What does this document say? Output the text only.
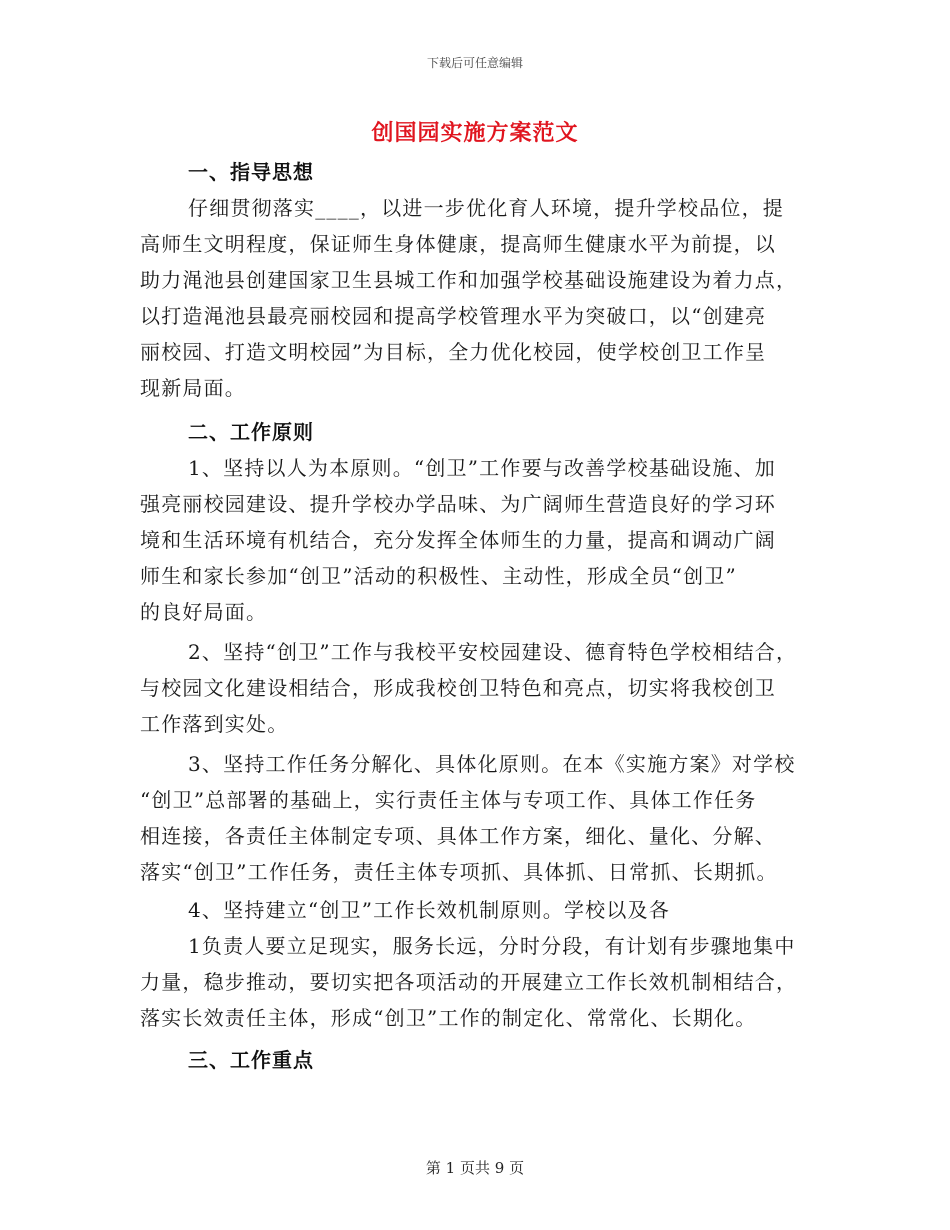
下载后可任意编辑
创国园实施方案范文
一、指导思想
仔细贯彻落实____，以进一步优化育人环境，提升学校品位，提
高师生文明程度，保证师生身体健康，提高师生健康水平为前提，以
助力渑池县创建国家卫生县城工作和加强学校基础设施建设为着力点，
以打造渑池县最亮丽校园和提高学校管理水平为突破口，以“创建亮
丽校园、打造文明校园”为目标，全力优化校园，使学校创卫工作呈
现新局面。
二、工作原则
1、坚持以人为本原则。“创卫”工作要与改善学校基础设施、加
强亮丽校园建设、提升学校办学品味、为广阔师生营造良好的学习环
境和生活环境有机结合，充分发挥全体师生的力量，提高和调动广阔
师生和家长参加“创卫”活动的积极性、主动性，形成全员“创卫”
的良好局面。
2、坚持“创卫”工作与我校平安校园建设、德育特色学校相结合，
与校园文化建设相结合，形成我校创卫特色和亮点，切实将我校创卫
工作落到实处。
3、坚持工作任务分解化、具体化原则。在本《实施方案》对学校
“创卫”总部署的基础上，实行责任主体与专项工作、具体工作任务
相连接，各责任主体制定专项、具体工作方案，细化、量化、分解、
落实“创卫”工作任务，责任主体专项抓、具体抓、日常抓、长期抓。
4、坚持建立“创卫”工作长效机制原则。学校以及各
1负责人要立足现实，服务长远，分时分段，有计划有步骤地集中
力量，稳步推动，要切实把各项活动的开展建立工作长效机制相结合，
落实长效责任主体，形成“创卫”工作的制定化、常常化、长期化。
三、工作重点
第 1 页共 9 页
